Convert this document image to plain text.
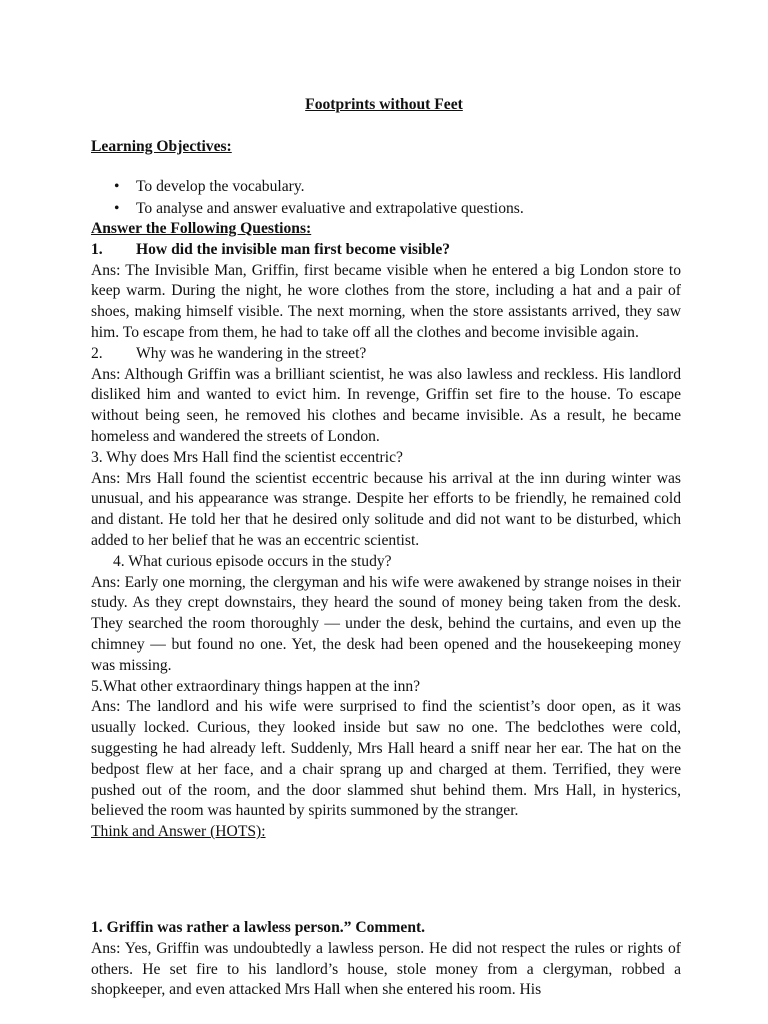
Footprints without Feet
Learning Objectives:
• To develop the vocabulary.
• To analyse and answer evaluative and extrapolative questions.
Answer the Following Questions:
1. How did the invisible man first become visible?
Ans: The Invisible Man, Griffin, first became visible when he entered a big London store to keep warm. During the night, he wore clothes from the store, including a hat and a pair of shoes, making himself visible. The next morning, when the store assistants arrived, they saw him. To escape from them, he had to take off all the clothes and become invisible again.
2. Why was he wandering in the street?
Ans: Although Griffin was a brilliant scientist, he was also lawless and reckless. His landlord disliked him and wanted to evict him. In revenge, Griffin set fire to the house. To escape without being seen, he removed his clothes and became invisible. As a result, he became homeless and wandered the streets of London.
3. Why does Mrs Hall find the scientist eccentric?
Ans: Mrs Hall found the scientist eccentric because his arrival at the inn during winter was unusual, and his appearance was strange. Despite her efforts to be friendly, he remained cold and distant. He told her that he desired only solitude and did not want to be disturbed, which added to her belief that he was an eccentric scientist.
4. What curious episode occurs in the study?
Ans: Early one morning, the clergyman and his wife were awakened by strange noises in their study. As they crept downstairs, they heard the sound of money being taken from the desk. They searched the room thoroughly — under the desk, behind the curtains, and even up the chimney — but found no one. Yet, the desk had been opened and the housekeeping money was missing.
5.What other extraordinary things happen at the inn?
Ans: The landlord and his wife were surprised to find the scientist’s door open, as it was usually locked. Curious, they looked inside but saw no one. The bedclothes were cold, suggesting he had already left. Suddenly, Mrs Hall heard a sniff near her ear. The hat on the bedpost flew at her face, and a chair sprang up and charged at them. Terrified, they were pushed out of the room, and the door slammed shut behind them. Mrs Hall, in hysterics, believed the room was haunted by spirits summoned by the stranger.
Think and Answer (HOTS):
1. Griffin was rather a lawless person.” Comment.
Ans: Yes, Griffin was undoubtedly a lawless person. He did not respect the rules or rights of others. He set fire to his landlord’s house, stole money from a clergyman, robbed a shopkeeper, and even attacked Mrs Hall when she entered his room. His
